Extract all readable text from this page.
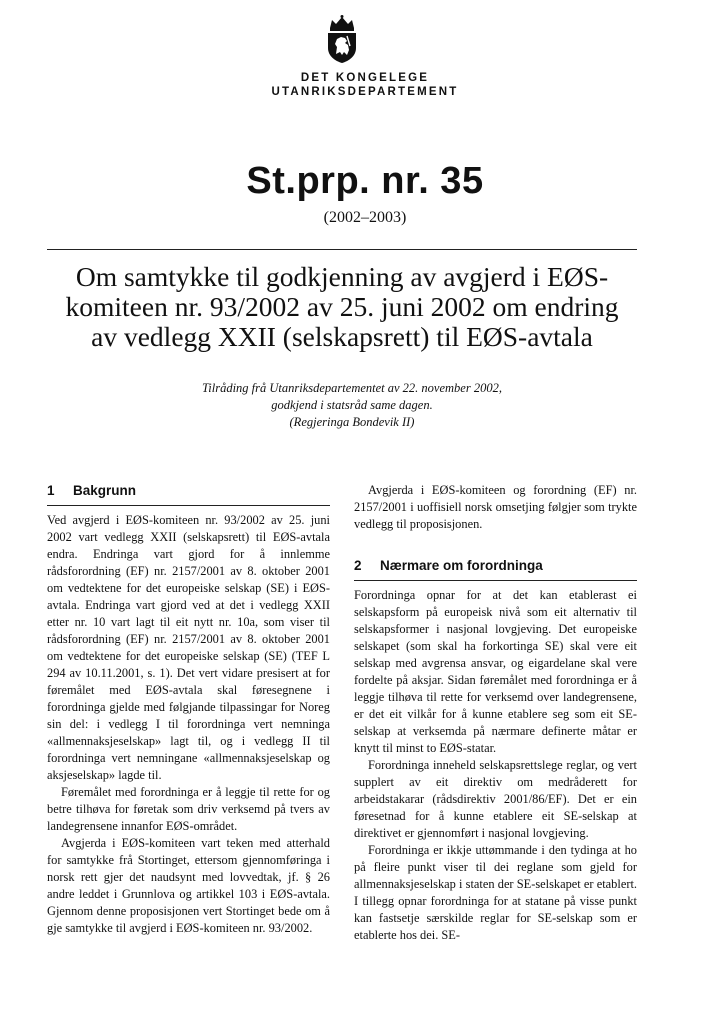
DET KONGELEGE
UTANRIKSDEPARTEMENT
St.prp. nr. 35
(2002–2003)
Om samtykke til godkjenning av avgjerd i EØS-
komiteen nr. 93/2002 av 25. juni 2002 om endring
av vedlegg XXII (selskapsrett) til EØS-avtala
Tilråding frå Utanriksdepartementet av 22. november 2002,
godkjend i statsråd same dagen.
(Regjeringa Bondevik II)
1 Bakgrunn

Ved avgjerd i EØS-komiteen nr. 93/2002 av 25. juni 2002 vart vedlegg XXII (selskapsrett) til EØS-avtala endra. Endringa vart gjord for å innlemme rådsforordning (EF) nr. 2157/2001 av 8. oktober 2001 om vedtektene for det europeiske selskap (SE) i EØS-avtala. Endringa vart gjord ved at det i vedlegg XXII etter nr. 10 vart lagt til eit nytt nr. 10a, som viser til rådsforordning (EF) nr. 2157/2001 av 8. oktober 2001 om vedtektene for det europeiske selskap (SE) (TEF L 294 av 10.11.2001, s. 1). Det vert vidare presisert at for føremålet med EØS-avtala skal føresegnene i forordninga gjelde med følgjande tilpassingar for Noreg sin del: i vedlegg I til forordninga vert nemninga «allmennaksjeselskap» lagt til, og i vedlegg II til forordninga vert nemningane «allmennaksjeselskap og aksjeselskap» lagde til.

Føremålet med forordninga er å leggje til rette for og betre tilhøva for føretak som driv verksemd på tvers av landegrensene innanfor EØS-området.

Avgjerda i EØS-komiteen vart teken med atterhald for samtykke frå Stortinget, ettersom gjennomføringa i norsk rett gjer det naudsynt med lovvedtak, jf. § 26 andre leddet i Grunnlova og artikkel 103 i EØS-avtala. Gjennom denne proposisjonen vert Stortinget bede om å gje samtykke til avgjerd i EØS-komiteen nr. 93/2002.

Avgjerda i EØS-komiteen og forordning (EF) nr. 2157/2001 i uoffisiell norsk omsetjing følgjer som trykte vedlegg til proposisjonen.

2 Nærmare om forordninga

Forordninga opnar for at det kan etablerast ei selskapsform på europeisk nivå som eit alternativ til selskapsformer i nasjonal lovgjeving. Det europeiske selskapet (som skal ha forkortinga SE) skal vere eit selskap med avgrensa ansvar, og eigardelane skal vere fordelte på aksjar. Sidan føremålet med forordninga er å leggje tilhøva til rette for verksemd over landegrensene, er det eit vilkår for å kunne etablere seg som eit SE-selskap at verksemda på nærmare definerte måtar er knytt til minst to EØS-statar.

Forordninga inneheld selskapsrettslege reglar, og vert supplert av eit direktiv om medråderett for arbeidstakarar (rådsdirektiv 2001/86/EF). Det er ein føresetnad for å kunne etablere eit SE-selskap at direktivet er gjennomført i nasjonal lovgjeving.

Forordninga er ikkje uttømmande i den tydinga at ho på fleire punkt viser til dei reglane som gjeld for allmennaksjeselskap i staten der SE-selskapet er etablert. I tillegg opnar forordninga for at statane på visse punkt kan fastsetje særskilde reglar for SE-selskap som er etablerte hos dei. SE-
